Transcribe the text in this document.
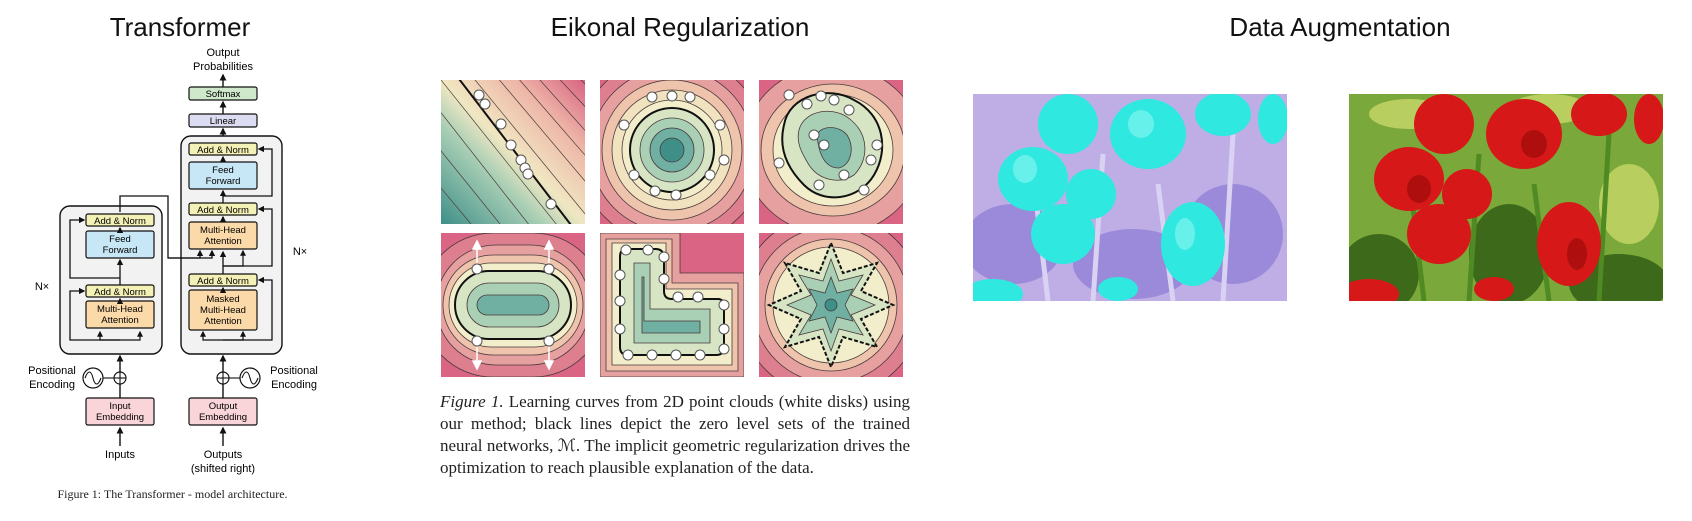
Transformer	Eikonal Regularization	Data Augmentation
Output
Probabilities
Softmax
Linear
Add & Norm
Feed
Forward
Add & Norm
Multi-Head
Attention
Add & Norm
Masked
Multi-Head
Attention
Add & Norm
Feed
Forward
Add & Norm
Multi-Head
Attention
N×
N×
Positional
Encoding
Input
Embedding
Inputs
Positional
Encoding
Output
Embedding
Outputs
(shifted right)
Figure 1: The Transformer - model architecture.
Figure 1. Learning curves from 2D point clouds (white disks) using our method; black lines depict the zero level sets of the trained neural networks, ℳ. The implicit geometric regularization drives the optimization to reach plausible explanation of the data.
